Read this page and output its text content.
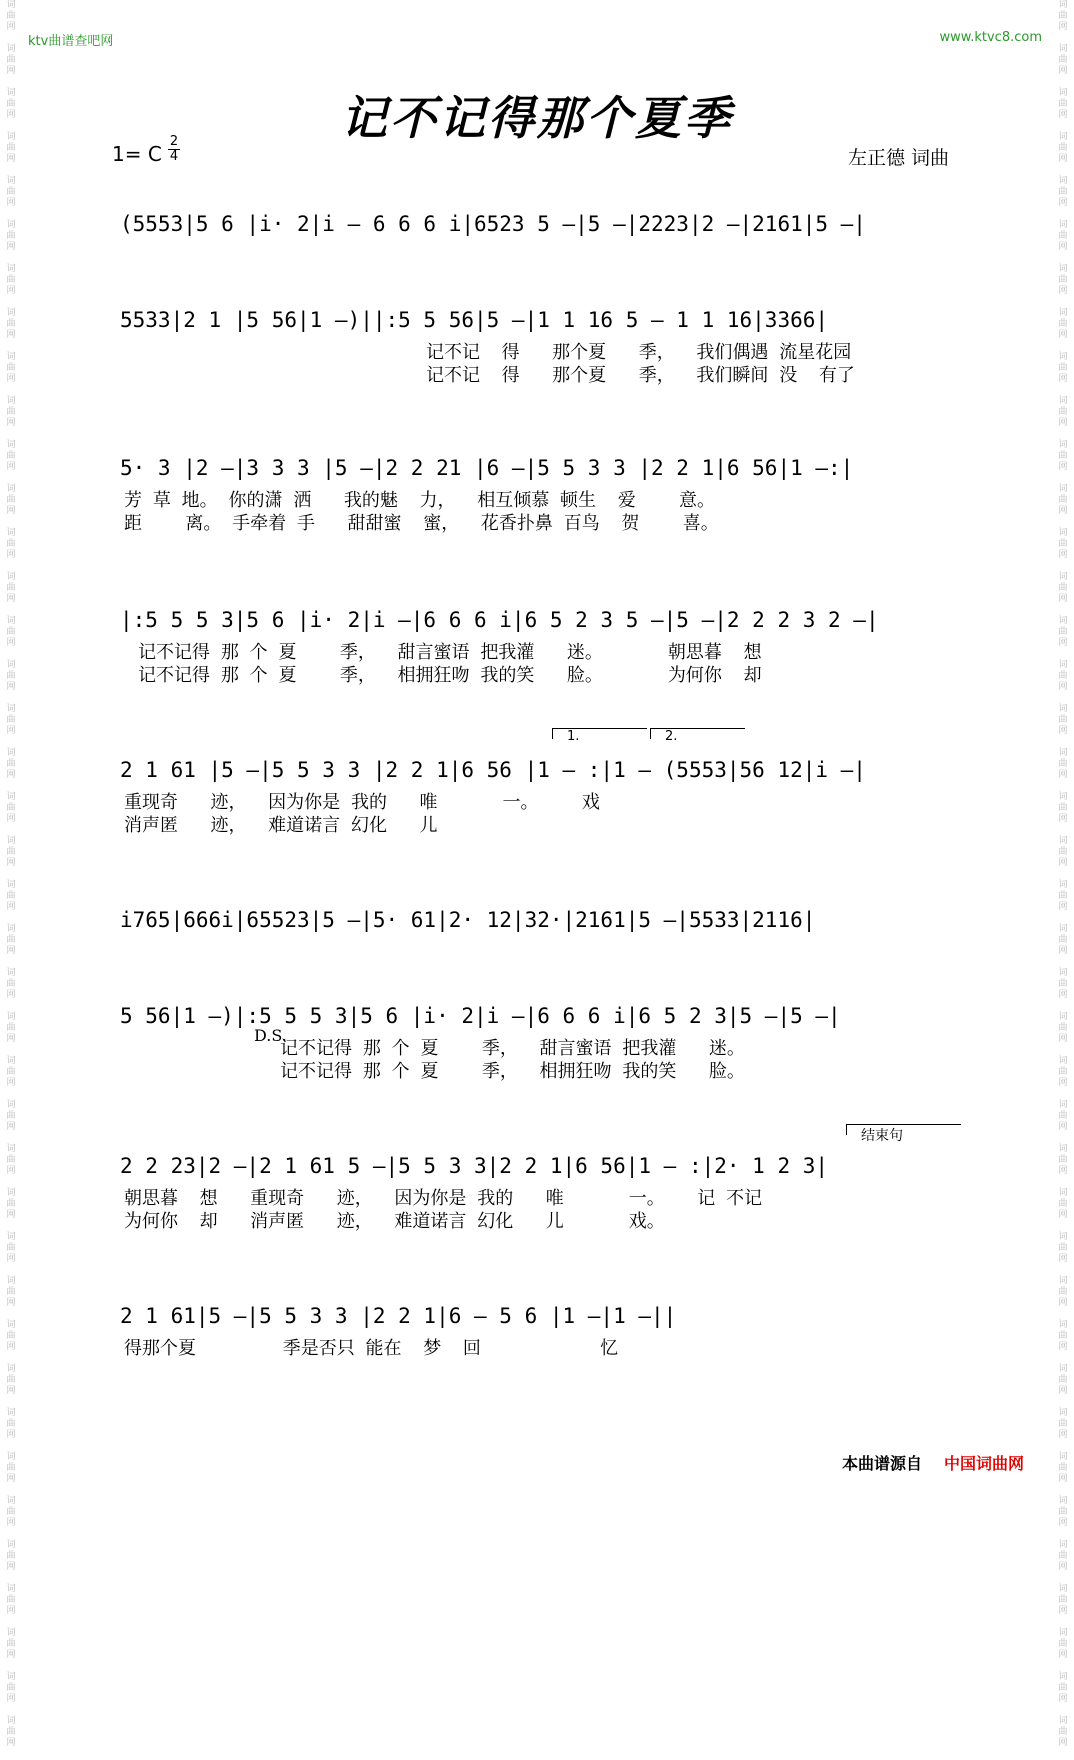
词
曲
网

词
曲
网

词
曲
网

词
曲
网

词
曲
网

词
曲
网

词
曲
网

词
曲
网

词
曲
网

词
曲
网

词
曲
网

词
曲
网

词
曲
网

词
曲
网

词
曲
网

词
曲
网

词
曲
网

词
曲
网

词
曲
网

词
曲
网

词
曲
网

词
曲
网

词
曲
网

词
曲
网

词
曲
网

词
曲
网

词
曲
网

词
曲
网

词
曲
网

词
曲
网

词
曲
网

词
曲
网

词
曲
网

词
曲
网

词
曲
网

词
曲
网

词
曲
网

词
曲
网

词
曲
网

词
曲
网

词
曲
网

词
曲
网

词
曲
网

词
曲
网

词
曲
网

词
曲
网

词
曲
网

词
曲
网

词
曲
网

词
曲
网

词
曲
网

词
曲
网

词
曲
网

词
曲
网

词
曲
网

词
曲
网

词
曲
网

词
曲
网

词
曲
网

词
曲
网

词
曲
网

词
曲
网

词
曲
网

词
曲
网

词
曲
网

词
曲
网

词
曲
网

词
曲
网

词
曲
网

词
曲
网

词
曲
网

词
曲
网

词
曲
网

词
曲
网

词
曲
网

词
曲
网

词
曲
网

词
曲
网

词
曲
网

词
曲
网

ktv曲谱查吧网	www.ktvc8.com
记不记得那个夏季
1= C
2
4	左正德 词曲
(5553|5 6 |i· 2|i – 6 6 6 i|6523 5 –|5 –|2223|2 –|2161|5 –|
5533|2 1 |5 56|1 –)||:5 5 56|5 –|1 1 16 5 – 1 1 16|3366|
记不记  得   那个夏   季，  我们偶遇 流星花园
记不记  得   那个夏   季，  我们瞬间 没  有了
5· 3 |2 –|3 3 3 |5 –|2 2 21 |6 –|5 5 3 3 |2 2 1|6 56|1 –:|
芳 草 地。 你的潇 洒   我的魅  力，  相互倾慕 顿生  爱    意。
距    离。 手牵着 手   甜甜蜜  蜜，  花香扑鼻 百鸟  贺    喜。
|:5 5 5 3|5 6 |i· 2|i –|6 6 6 i|6 5 2 3 5 –|5 –|2 2 2 3 2 –|
记不记得 那 个 夏    季，  甜言蜜语 把我灌   迷。      朝思暮  想
记不记得 那 个 夏    季，  相拥狂吻 我的笑   脸。      为何你  却
2 1 61 |5 –|5 5 3 3 |2 2 1|6 56 |1 – :|1 – (5553|56 12|i –|
重现奇   迹，  因为你是 我的   唯      一。    戏
消声匿   迹，  难道诺言 幻化   儿
1.	2.
i765|666i|65523|5 –|5· 61|2· 12|32·|2161|5 –|5533|2116|
5 56|1 –)|:5 5 5 3|5 6 |i· 2|i –|6 6 6 i|6 5 2 3|5 –|5 –|
记不记得 那 个 夏    季，  甜言蜜语 把我灌   迷。
记不记得 那 个 夏    季，  相拥狂吻 我的笑   脸。
D.S.
2 2 23|2 –|2 1 61 5 –|5 5 3 3|2 2 1|6 56|1 – :|2· 1 2 3|
朝思暮  想   重现奇   迹，  因为你是 我的   唯      一。   记 不记
为何你  却   消声匿   迹，  难道诺言 幻化   儿      戏。
结束句
2 1 61|5 –|5 5 3 3 |2 2 1|6 – 5 6 |1 –|1 –||
得那个夏        季是否只 能在  梦  回           忆
本曲谱源自 中国词曲网
